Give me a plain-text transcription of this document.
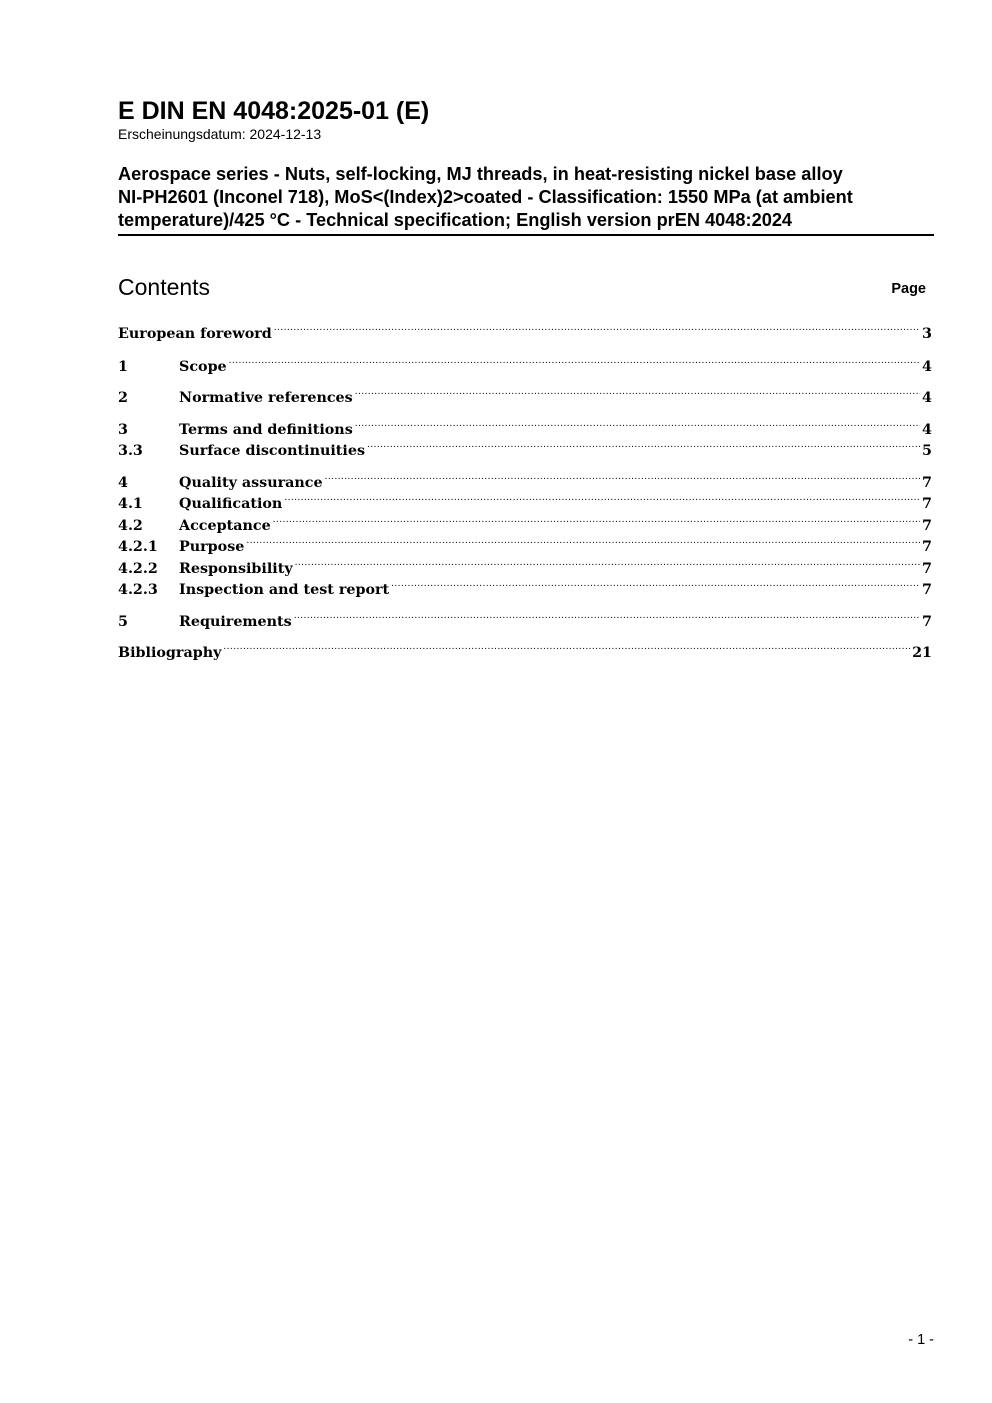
E DIN EN 4048:2025-01 (E)

Erscheinungsdatum: 2024-12-13

Aerospace series - Nuts, self-locking, MJ threads, in heat-resisting nickel base alloy
NI-PH2601 (Inconel 718), MoS<(Index)2>coated - Classification: 1550 MPa (at ambient
temperature)/425 °C - Technical specification; English version prEN 4048:2024
Contents	Page
European foreword .....	3
1	Scope .....	4
2	Normative references .....	4
3	Terms and definitions .....	4
3.3	Surface discontinuities .....	5
4	Quality assurance .....	7
4.1	Qualification .....	7
4.2	Acceptance .....	7
4.2.1	Purpose .....	7
4.2.2	Responsibility .....	7
4.2.3	Inspection and test report .....	7
5	Requirements .....	7
Bibliography .....	21
- 1 -
